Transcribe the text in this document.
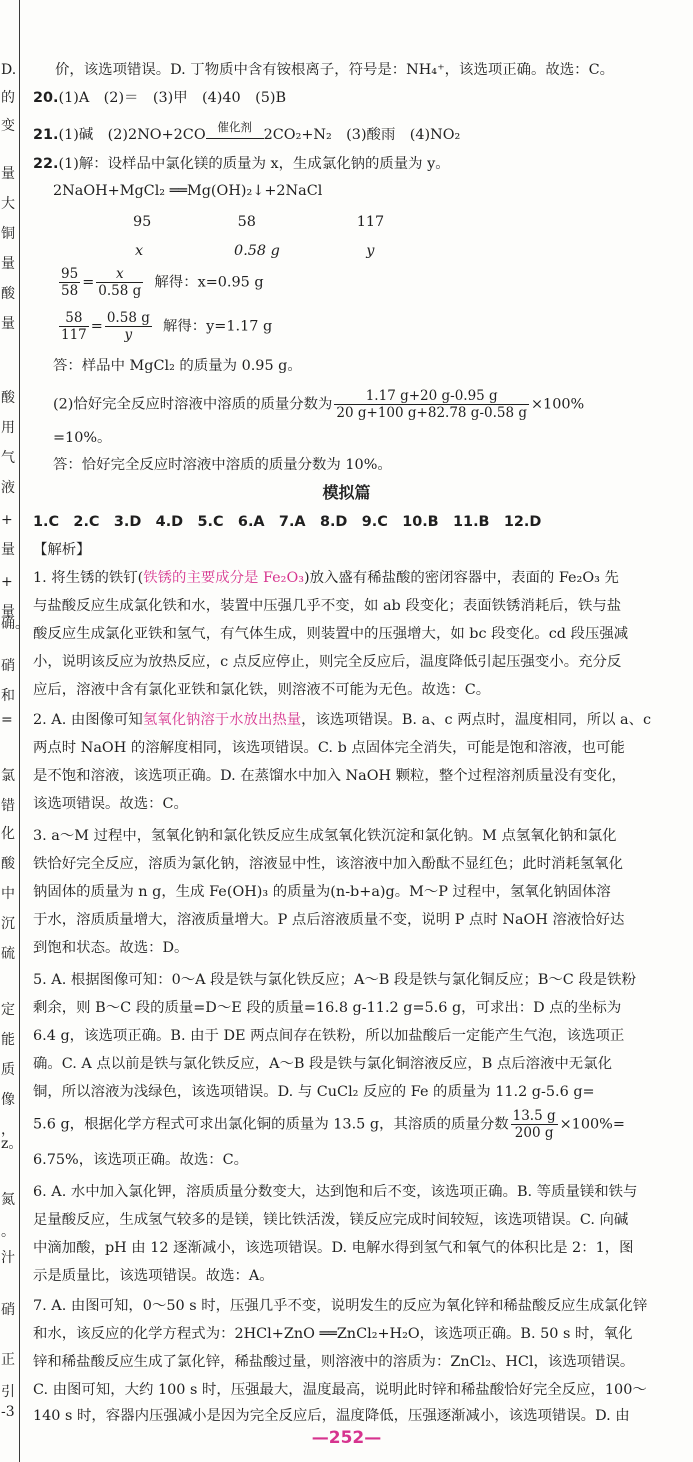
D.
的
变
量
大
铜
量
酸
量
酸
用
气
液
+
量
+
量
确。
硝
和
=
氯
错
化
酸
中
沉
硫
定
能
质
像
，
z。
氮
。
汁
硝
正
引
-3
价，该选项错误。D. 丁物质中含有铵根离子，符号是：NH₄⁺，该选项正确。故选：C。
20.(1)A　(2)＝　(3)甲　(4)40　(5)B
21.(1)碱　(2)2NO+2CO	催化剂 2CO₂+N₂　(3)酸雨　(4)NO₂
22.(1)解：设样品中氯化镁的质量为 x，生成氯化钠的质量为 y。
2NaOH+MgCl₂ ══Mg(OH)₂↓+2NaCl
95　　　　　　58　　　　　　　117
x　　　　　　 0.58 g　　　　　　y
$\frac{95}{58} = \frac{x}{0.58 g}$ 解得：x=0.95 g
$\frac{58}{117} = \frac{0.58 g}{y}$ 解得：y=1.17 g
答：样品中 MgCl₂ 的质量为 0.95 g。
(2)恰好完全反应时溶液中溶质的质量分数为 $\frac{1.17 g+20 g-0.95 g}{20 g+100 g+82.78 g-0.58 g} \times 100\%$
=10%。
答：恰好完全反应时溶液中溶质的质量分数为 10%。
模拟篇
1.C　2.C　3.D　4.D　5.C　6.A　7.A　8.D　9.C　10.B　11.B　12.D
【解析】
1. 将生锈的铁钉(铁锈的主要成分是 Fe₂O₃)放入盛有稀盐酸的密闭容器中，表面的 Fe₂O₃ 先
与盐酸反应生成氯化铁和水，装置中压强几乎不变，如 ab 段变化；表面铁锈消耗后，铁与盐
酸反应生成氯化亚铁和氢气，有气体生成，则装置中的压强增大，如 bc 段变化。cd 段压强减
小，说明该反应为放热反应，c 点反应停止，则完全反应后，温度降低引起压强变小。充分反
应后，溶液中含有氯化亚铁和氯化铁，则溶液不可能为无色。故选：C。
2. A. 由图像可知氢氧化钠溶于水放出热量，该选项错误。B. a、c 两点时，温度相同，所以 a、c
两点时 NaOH 的溶解度相同，该选项错误。C. b 点固体完全消失，可能是饱和溶液，也可能
是不饱和溶液，该选项正确。D. 在蒸馏水中加入 NaOH 颗粒，整个过程溶剂质量没有变化，
该选项错误。故选：C。
3. a～M 过程中，氢氧化钠和氯化铁反应生成氢氧化铁沉淀和氯化钠。M 点氢氧化钠和氯化
铁恰好完全反应，溶质为氯化钠，溶液显中性，该溶液中加入酚酞不显红色；此时消耗氢氧化
钠固体的质量为 n g，生成 Fe(OH)₃ 的质量为(n-b+a)g。M～P 过程中，氢氧化钠固体溶
于水，溶质质量增大，溶液质量增大。P 点后溶液质量不变，说明 P 点时 NaOH 溶液恰好达
到饱和状态。故选：D。
5. A. 根据图像可知：0～A 段是铁与氯化铁反应；A～B 段是铁与氯化铜反应；B～C 段是铁粉
剩余，则 B～C 段的质量=D～E 段的质量=16.8 g-11.2 g=5.6 g，可求出：D 点的坐标为
6.4 g，该选项正确。B. 由于 DE 两点间存在铁粉，所以加盐酸后一定能产生气泡，该选项正
确。C. A 点以前是铁与氯化铁反应，A～B 段是铁与氯化铜溶液反应，B 点后溶液中无氯化
铜，所以溶液为浅绿色，该选项错误。D. 与 CuCl₂ 反应的 Fe 的质量为 11.2 g-5.6 g=
5.6 g，根据化学方程式可求出氯化铜的质量为 13.5 g，其溶质的质量分数 $\frac{13.5 g}{200 g} \times 100\%=$
6.75%，该选项正确。故选：C。
6. A. 水中加入氯化钾，溶质质量分数变大，达到饱和后不变，该选项正确。B. 等质量镁和铁与
足量酸反应，生成氢气较多的是镁，镁比铁活泼，镁反应完成时间较短，该选项错误。C. 向碱
中滴加酸，pH 由 12 逐渐减小，该选项错误。D. 电解水得到氢气和氧气的体积比是 2：1，图
示是质量比，该选项错误。故选：A。
7. A. 由图可知，0～50 s 时，压强几乎不变，说明发生的反应为氧化锌和稀盐酸反应生成氯化锌
和水，该反应的化学方程式为：2HCl+ZnO ══ZnCl₂+H₂O，该选项正确。B. 50 s 时，氧化
锌和稀盐酸反应生成了氯化锌，稀盐酸过量，则溶液中的溶质为：ZnCl₂、HCl，该选项错误。
C. 由图可知，大约 100 s 时，压强最大，温度最高，说明此时锌和稀盐酸恰好完全反应，100～
140 s 时，容器内压强减小是因为完全反应后，温度降低，压强逐渐减小，该选项错误。D. 由
—252—
